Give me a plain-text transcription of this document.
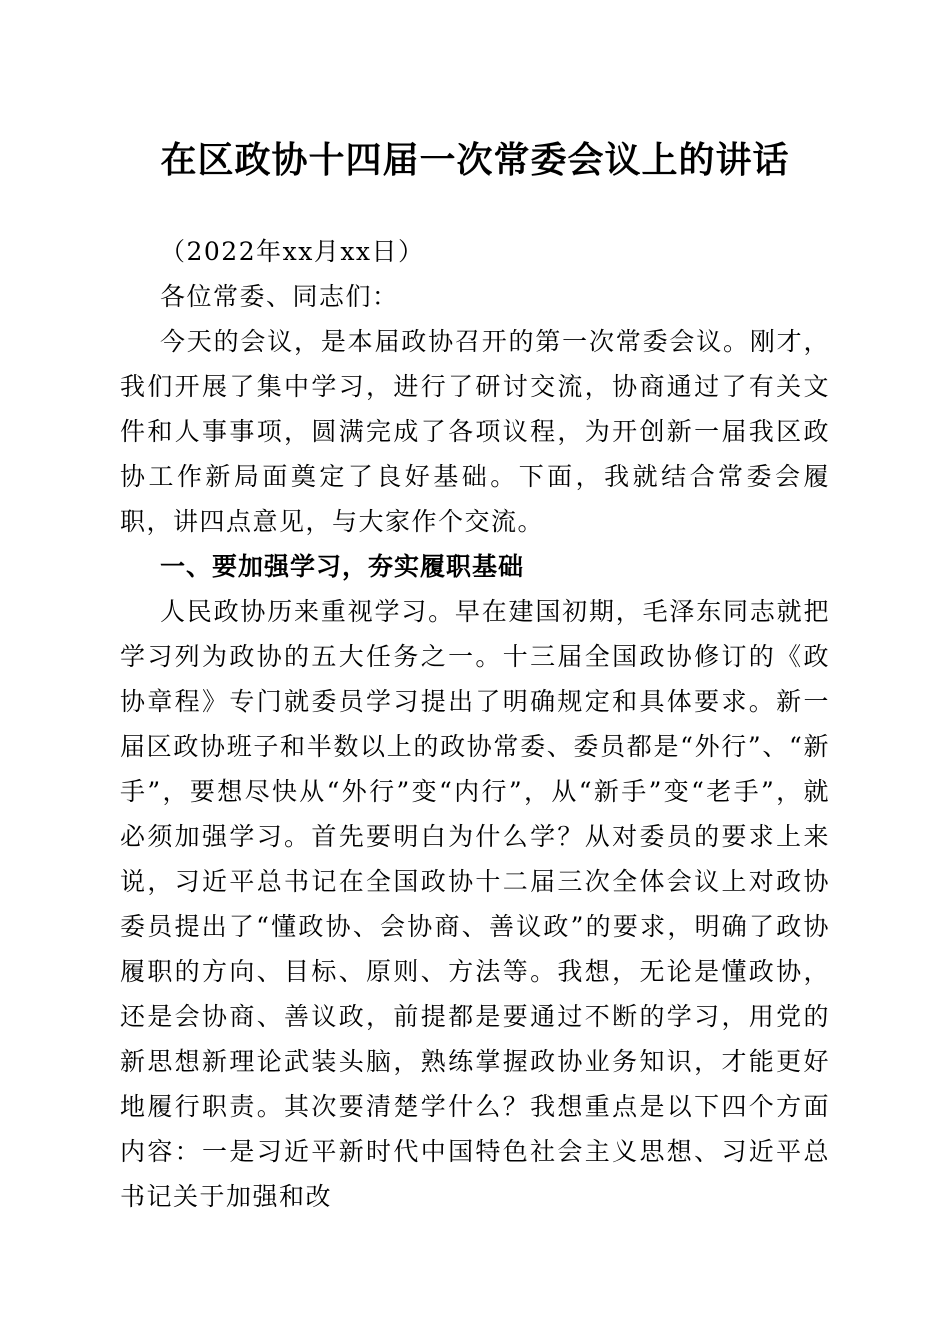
在区政协十四届一次常委会议上的讲话

（2022年xx月xx日）

各位常委、同志们：

今天的会议，是本届政协召开的第一次常委会议。刚才，我们开展了集中学习，进行了研讨交流，协商通过了有关文件和人事事项，圆满完成了各项议程，为开创新一届我区政协工作新局面奠定了良好基础。下面，我就结合常委会履职，讲四点意见，与大家作个交流。

一、要加强学习，夯实履职基础

人民政协历来重视学习。早在建国初期，毛泽东同志就把学习列为政协的五大任务之一。十三届全国政协修订的《政协章程》专门就委员学习提出了明确规定和具体要求。新一届区政协班子和半数以上的政协常委、委员都是“外行”、“新手”，要想尽快从“外行”变“内行”，从“新手”变“老手”，就必须加强学习。首先要明白为什么学？从对委员的要求上来说，习近平总书记在全国政协十二届三次全体会议上对政协委员提出了“懂政协、会协商、善议政”的要求，明确了政协履职的方向、目标、原则、方法等。我想，无论是懂政协，还是会协商、善议政，前提都是要通过不断的学习，用党的新思想新理论武装头脑，熟练掌握政协业务知识，才能更好地履行职责。其次要清楚学什么？我想重点是以下四个方面内容：一是习近平新时代中国特色社会主义思想、习近平总书记关于加强和改
